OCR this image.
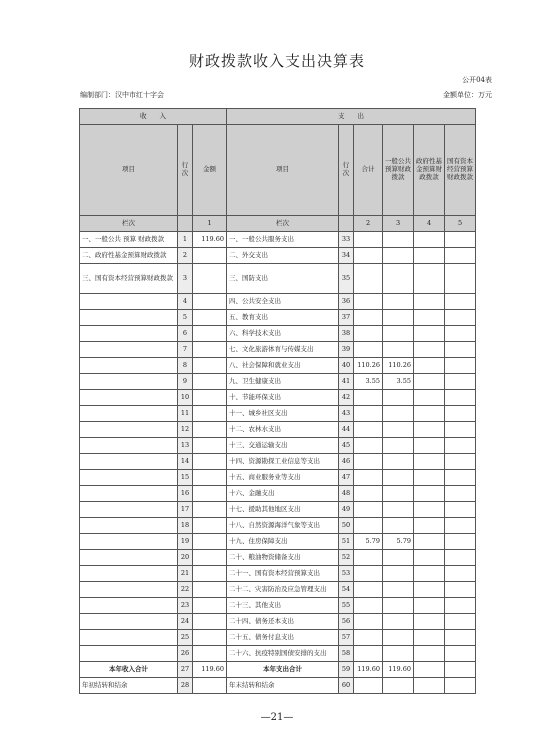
财政拨款收入支出决算表
公开04表
编制部门：汉中市红十字会	金额单位：万元
收　　入			支　　出					
项目	行次	金额	项目	行次	合计	一般公共预算财政拨款	政府性基金预算财政拨款	国有资本经营预算财政拨款
栏次		1	栏次		2	3	4	5
一、一般公共 预算 财政拨款	1	119.60	一、一般公共服务支出	33				
二、政府性基金预算财政拨款	2		二、外交支出	34				
三、国有资本经营预算财政拨款	3		三、国防支出	35				
	4		四、公共安全支出	36				
	5		五、教育支出	37				
	6		六、科学技术支出	38				
	7		七、文化旅游体育与传媒支出	39				
	8		八、社会保障和就业支出	40	110.26	110.26		
	9		九、卫生健康支出	41	3.55	3.55		
	10		十、节能环保支出	42				
	11		十一、城乡社区支出	43				
	12		十二、农林水支出	44				
	13		十三、交通运输支出	45				
	14		十四、资源勘探工业信息等支出	46				
	15		十五、商业服务业等支出	47				
	16		十六、金融支出	48				
	17		十七、援助其他地区支出	49				
	18		十八、自然资源海洋气象等支出	50				
	19		十九、住房保障支出	51	5.79	5.79		
	20		二十、粮油物资储备支出	52				
	21		二十一、国有资本经营预算支出	53				
	22		二十二、灾害防治及应急管理支出	54				
	23		二十三、其他支出	55				
	24		二十四、债务还本支出	56				
	25		二十五、债务付息支出	57				
	26		二十六、抗疫特别国债安排的支出	58				
本年收入合计	27	119.60	本年支出合计	59	119.60	119.60		
年初结转和结余	28		年末结转和结余	60				
—21—
